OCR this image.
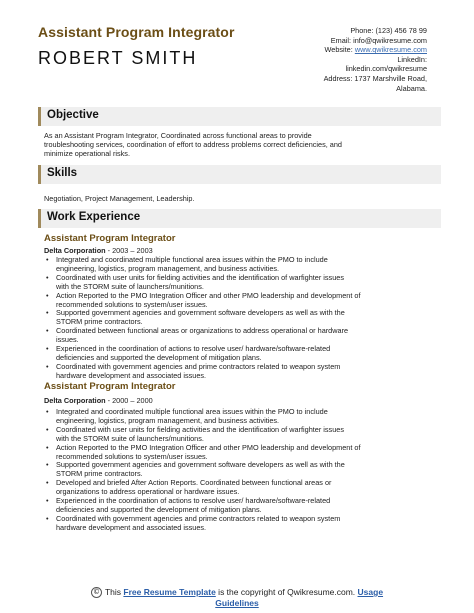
Assistant Program Integrator
ROBERT SMITH
Phone: (123) 456 78 99
Email: info@qwikresume.com
Website: www.qwikresume.com
LinkedIn:
linkedin.com/qwikresume
Address: 1737 Marshville Road,
Alabama.
Objective
As an Assistant Program Integrator, Coordinated across functional areas to provide
troubleshooting services, coordination of effort to address problems correct deficiencies, and
minimize operational risks.
Skills
Negotiation, Project Management, Leadership.
Work Experience
Assistant Program Integrator
Delta Corporation - 2003 – 2003
• Integrated and coordinated multiple functional area issues within the PMO to include
engineering, logistics, program management, and business activities.
• Coordinated with user units for fielding activities and the identification of warfighter issues
with the STORM suite of launchers/munitions.
• Action Reported to the PMO Integration Officer and other PMO leadership and development of
recommended solutions to system/user issues.
• Supported government agencies and government software developers as well as with the
STORM prime contractors.
• Coordinated between functional areas or organizations to address operational or hardware
issues.
• Experienced in the coordination of actions to resolve user/ hardware/software-related
deficiencies and supported the development of mitigation plans.
• Coordinated with government agencies and prime contractors related to weapon system
hardware development and associated issues.
Assistant Program Integrator
Delta Corporation - 2000 – 2000
• Integrated and coordinated multiple functional area issues within the PMO to include
engineering, logistics, program management, and business activities.
• Coordinated with user units for fielding activities and the identification of warfighter issues
with the STORM suite of launchers/munitions.
• Action Reported to the PMO Integration Officer and other PMO leadership and development of
recommended solutions to system/user issues.
• Supported government agencies and government software developers as well as with the
STORM prime contractors.
• Developed and briefed After Action Reports. Coordinated between functional areas or
organizations to address operational or hardware issues.
• Experienced in the coordination of actions to resolve user/ hardware/software-related
deficiencies and supported the development of mitigation plans.
• Coordinated with government agencies and prime contractors related to weapon system
hardware development and associated issues.
© This Free Resume Template is the copyright of Qwikresume.com. Usage
Guidelines
